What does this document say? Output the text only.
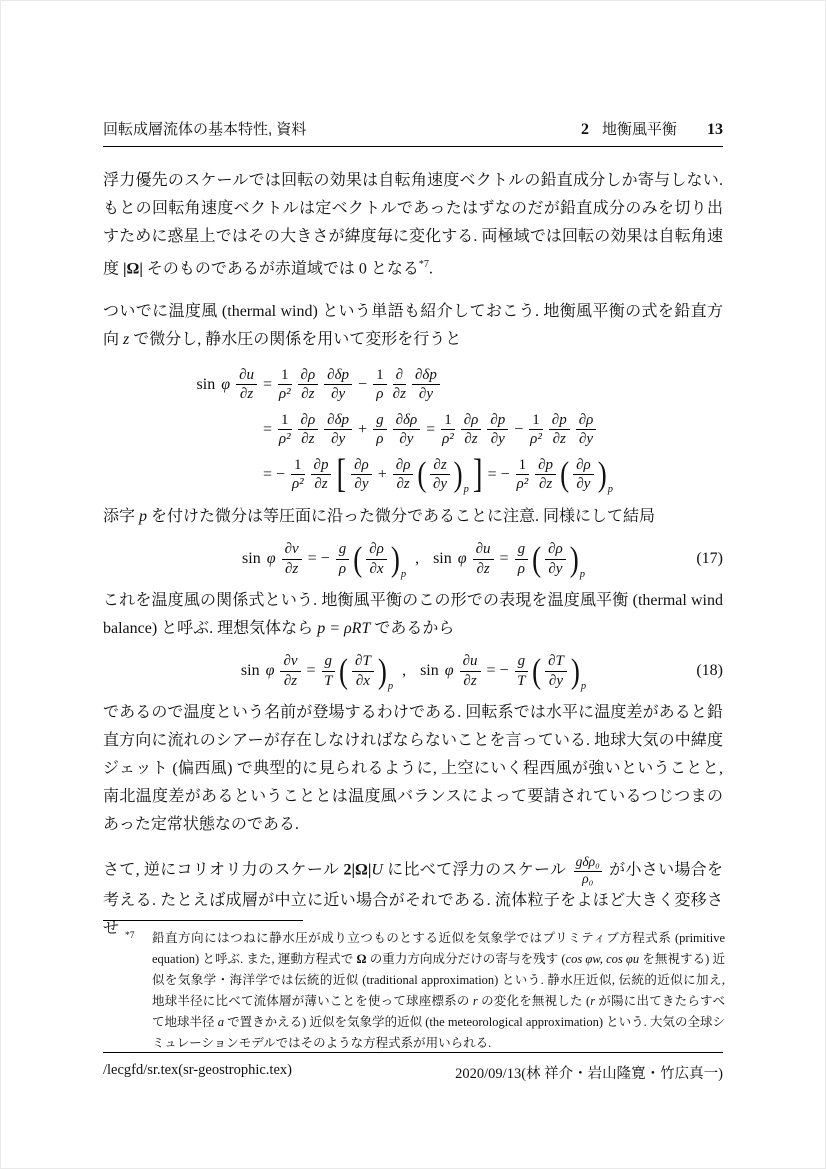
回転成層流体の基本特性, 資料	2 地衡風平衡 13

浮力優先のスケールでは回転の効果は自転角速度ベクトルの鉛直成分しか寄与しない. もとの回転角速度ベクトルは定ベクトルであったはずなのだが鉛直成分のみを切り出すために惑星上ではその大きさが緯度毎に変化する. 両極域では回転の効果は自転角速度 |Ω| そのものであるが赤道域では 0 となる$^{*7}$.

ついでに温度風 (thermal wind) という単語も紹介しておこう. 地衡風平衡の式を鉛直方向 z で微分し, 静水圧の関係を用いて変形を行うと

sin φ $\frac{\partial u}{\partial z} = \frac{1}{\text{ρ²}} \frac{\partial\rho}{\partial z} \frac{\partial\delta p}{\partial y} - \frac{1}{\rho} \frac{\partial}{\partial z} \frac{\partial\delta p}{\partial y}$
= $\frac{1}{\text{ρ²}} \frac{\partial\rho}{\partial z} \frac{\partial\delta p}{\partial y} + \frac{g}{\rho} \frac{\partial\delta\rho}{\partial y} = \frac{1}{\text{ρ²}} \frac{\partial\rho}{\partial z} \frac{\partial p}{\partial y} - \frac{1}{\text{ρ²}} \frac{\partial p}{\partial z} \frac{\partial\rho}{\partial y}$
= − $\frac{1}{\text{ρ²}} \frac{\partial p}{\partial z}$ [ $\frac{\partial\rho}{\partial y} + \frac{\partial\rho}{\partial z}$ ( $\frac{\partial z}{\partial y}$ ) p ] = − $\frac{1}{\text{ρ²}} \frac{\partial p}{\partial z}$ ( $\frac{\partial\rho}{\partial y}$ ) p

添字 p を付けた微分は等圧面に沿った微分であることに注意. 同様にして結局

sin φ $\frac{\partial v}{\partial z}$ = − $\frac{g}{\rho}$ ( $\frac{\partial\rho}{\partial x}$ ) p
, sin φ $\frac{\partial u}{\partial z} = \frac{g}{\rho}$ ( $\frac{\partial\rho}{\partial y}$ ) p
(17)

これを温度風の関係式という. 地衡風平衡のこの形での表現を温度風平衡 (thermal wind balance) と呼ぶ. 理想気体なら p = ρRT であるから

sin φ $\frac{\partial v}{\partial z} = \frac{g}{T}$ ( $\frac{\partial T}{\partial x}$ ) p
, sin φ $\frac{\partial u}{\partial z}$ = − $\frac{g}{T}$ ( $\frac{\partial T}{\partial y}$ ) p
(18)

であるので温度という名前が登場するわけである. 回転系では水平に温度差があると鉛直方向に流れのシアーが存在しなければならないことを言っている. 地球大気の中緯度ジェット (偏西風) で典型的に見られるように, 上空にいく程西風が強いということと, 南北温度差があるということとは温度風バランスによって要請されているつじつまのあった定常状態なのである.

さて, 逆にコリオリ力のスケール 2|Ω|U に比べて浮力のスケール $\frac{\text{gδρ₀}}{\text{ρ₀}}$ が小さい場合を考える. たとえば成層が中立に近い場合がそれである. 流体粒子をよほど大きく変移させ *7 鉛直方向にはつねに静水圧が成り立つものとする近似を気象学ではプリミティブ方程式系 (primitive equation) と呼ぶ. また, 運動方程式で Ω の重力方向成分だけの寄与を残す (cos φw, cos φu を無視する) 近似を気象学・海洋学では伝統的近似 (traditional approximation) という. 静水圧近似, 伝統的近似に加え, 地球半径に比べて流体層が薄いことを使って球座標系の r の変化を無視した (r が陽に出てきたらすべて地球半径 a で置きかえる) 近似を気象学的近似 (the meteorological approximation) という. 大気の全球シミュレーションモデルではそのような方程式系が用いられる.
/lecgfd/sr.tex(sr-geostrophic.tex)	2020/09/13(林 祥介・岩山隆寛・竹広真一)
